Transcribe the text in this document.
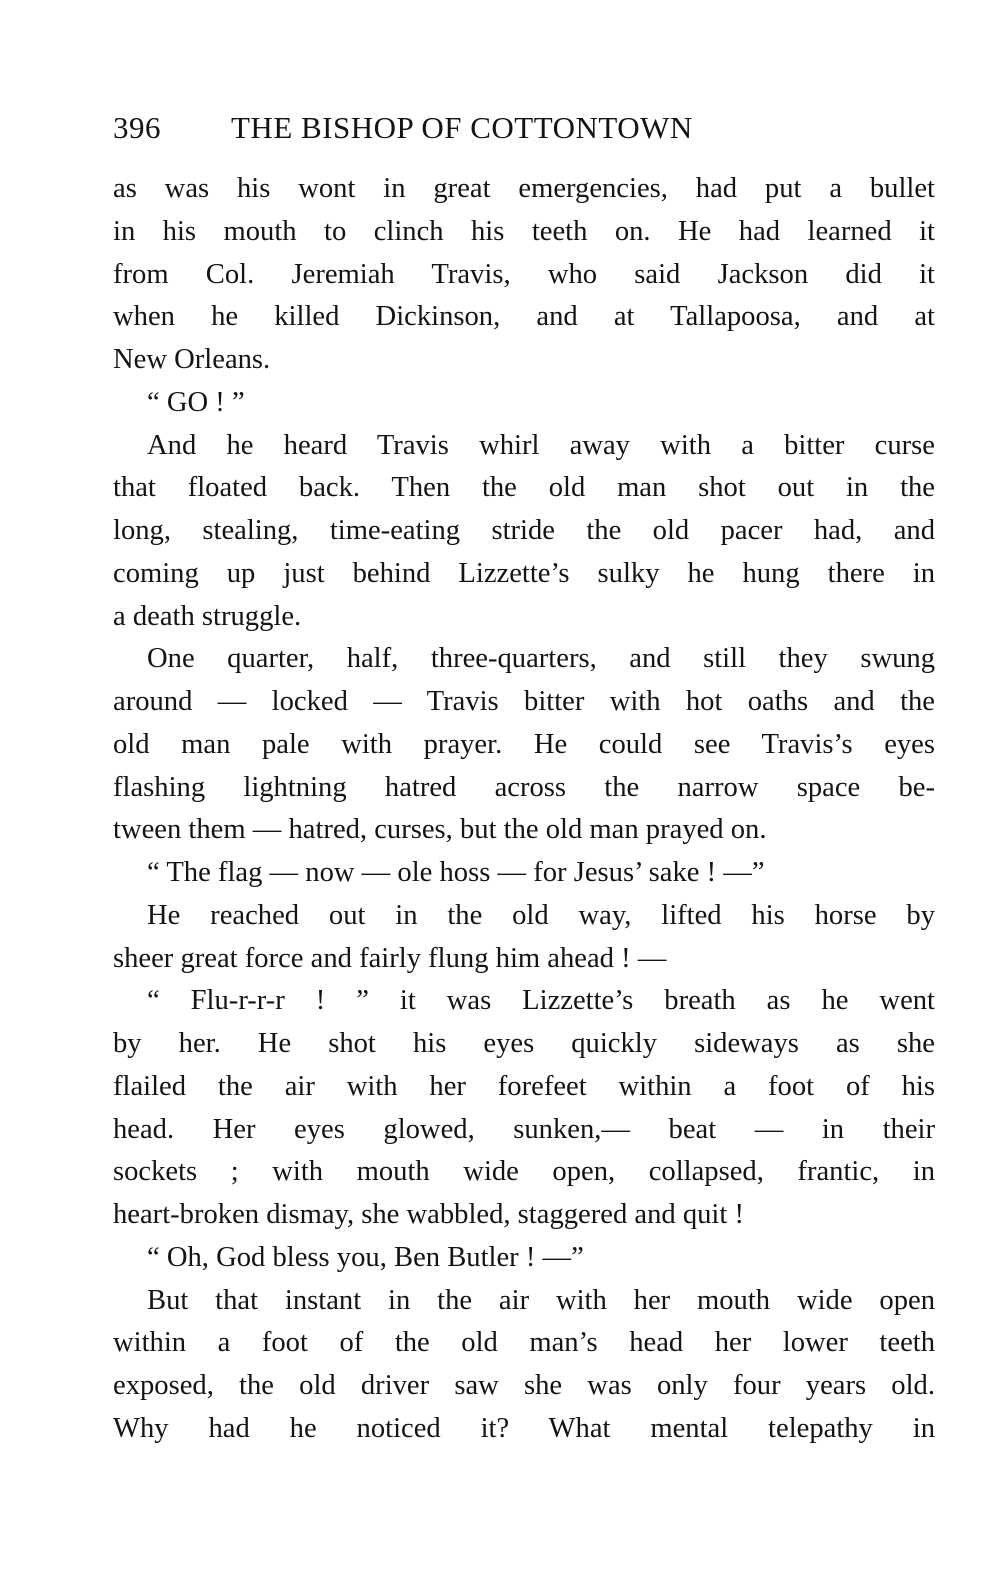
396 THE BISHOP OF COTTONTOWN

as was his wont in great emergencies, had put a bullet

in his mouth to clinch his teeth on. He had learned it

from Col. Jeremiah Travis, who said Jackson did it

when he killed Dickinson, and at Tallapoosa, and at

New Orleans.

“ GO ! ”

And he heard Travis whirl away with a bitter curse

that floated back. Then the old man shot out in the

long, stealing, time-eating stride the old pacer had, and

coming up just behind Lizzette’s sulky he hung there in

a death struggle.

One quarter, half, three-quarters, and still they swung

around — locked — Travis bitter with hot oaths and the

old man pale with prayer. He could see Travis’s eyes

flashing lightning hatred across the narrow space be-

tween them — hatred, curses, but the old man prayed on.

“ The flag — now — ole hoss — for Jesus’ sake ! —”

He reached out in the old way, lifted his horse by

sheer great force and fairly flung him ahead ! —

“ Flu-r-r-r ! ” it was Lizzette’s breath as he went

by her. He shot his eyes quickly sideways as she

flailed the air with her forefeet within a foot of his

head. Her eyes glowed, sunken,— beat — in their

sockets ; with mouth wide open, collapsed, frantic, in

heart-broken dismay, she wabbled, staggered and quit !

“ Oh, God bless you, Ben Butler ! —”

But that instant in the air with her mouth wide open

within a foot of the old man’s head her lower teeth

exposed, the old driver saw she was only four years old.

Why had he noticed it? What mental telepathy in
